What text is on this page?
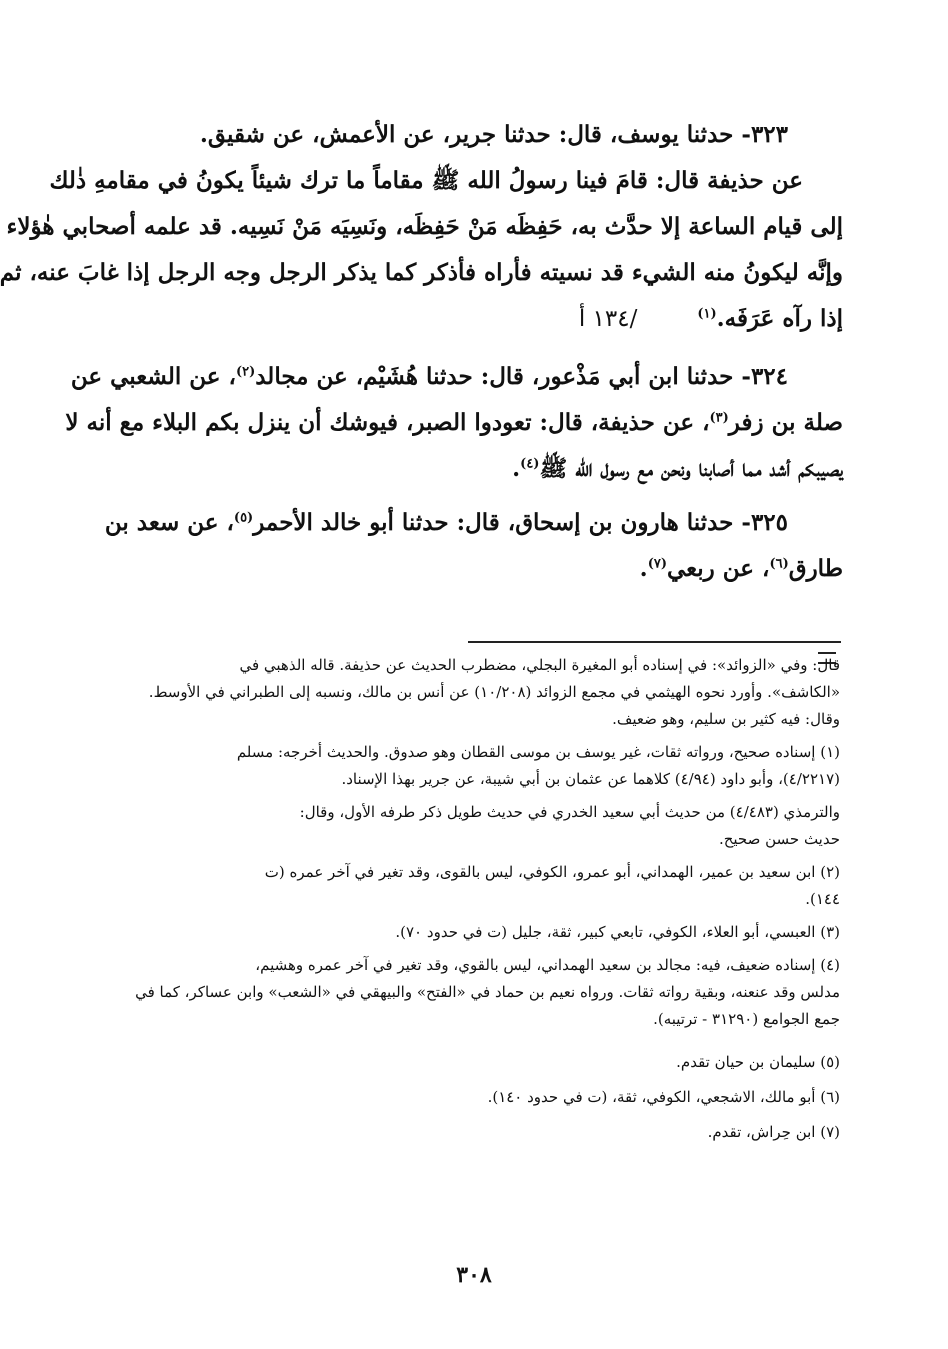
٣٢٣- حدثنا يوسف، قال: حدثنا جرير، عن الأعمش، عن شقيق.
عن حذيفة قال: قامَ فينا رسولُ الله ﷺ مقاماً ما ترك شيئاً يكونُ في مقامهِ ذٰلك
إلى قيام الساعة إلا حدَّث به، حَفِظَه مَنْ حَفِظَه، ونَسِيَه مَنْ نَسِيه. قد علمه أصحابي هٰؤلاء
وإنَّه ليكونُ منه الشيء قد نسيته فأراه فأذكر كما يذكر الرجل وجه الرجل إذا غابَ عنه، ثم
إذا رآه عَرَفَه.$^{(١)}$/١٣٤ أ
٣٢٤- حدثنا ابن أبي مَذْعور، قال: حدثنا هُشَيْم، عن مجالد$^{(٢)}$، عن الشعبي عن
صلة بن زفر$^{(٣)}$، عن حذيفة، قال: تعودوا الصبر، فيوشك أن ينزل بكم البلاء مع أنه لا
يصيبكم أشد مما أصابنا ونحن مع رسول الله ﷺ$^{(٤)}$.
٣٢٥- حدثنا هارون بن إسحاق، قال: حدثنا أبو خالد الأحمر$^{(٥)}$، عن سعد بن
طارق$^{(٦)}$، عن ربعي$^{(٧)}$.
قال: وفي «الزوائد»: في إسناده أبو المغيرة البجلي، مضطرب الحديث عن حذيفة. قاله الذهبي في
«الكاشف». وأورد نحوه الهيثمي في مجمع الزوائد (١٠/٢٠٨) عن أنس بن مالك، ونسبه إلى الطبراني في الأوسط.
وقال: فيه كثير بن سليم، وهو ضعيف.
(١) إسناده صحيح، ورواته ثقات، غير يوسف بن موسى القطان وهو صدوق. والحديث أخرجه: مسلم
(٤/٢٢١٧)، وأبو داود (٤/٩٤) كلاهما عن عثمان بن أبي شيبة، عن جرير بهذا الإسناد.
والترمذي (٤/٤٨٣) من حديث أبي سعيد الخدري في حديث طويل ذكر طرفه الأول، وقال:
حديث حسن صحيح.
(٢) ابن سعيد بن عمير، الهمداني، أبو عمرو، الكوفي، ليس بالقوى، وقد تغير في آخر عمره (ت
١٤٤).
(٣) العبسي، أبو العلاء، الكوفي، تابعي كبير، ثقة، جليل (ت في حدود ٧٠).
(٤) إسناده ضعيف، فيه: مجالد بن سعيد الهمداني، ليس بالقوي، وقد تغير في آخر عمره وهشيم،
مدلس وقد عنعنه، وبقية رواته ثقات. ورواه نعيم بن حماد في «الفتح» والبيهقي في «الشعب» وابن عساكر، كما في
جمع الجوامع (٣١٢٩٠ - ترتيبه).
(٥) سليمان بن حيان تقدم.
(٦) أبو مالك، الاشجعي، الكوفي، ثقة، (ت في حدود ١٤٠).
(٧) ابن حِراش، تقدم.
٣٠٨
